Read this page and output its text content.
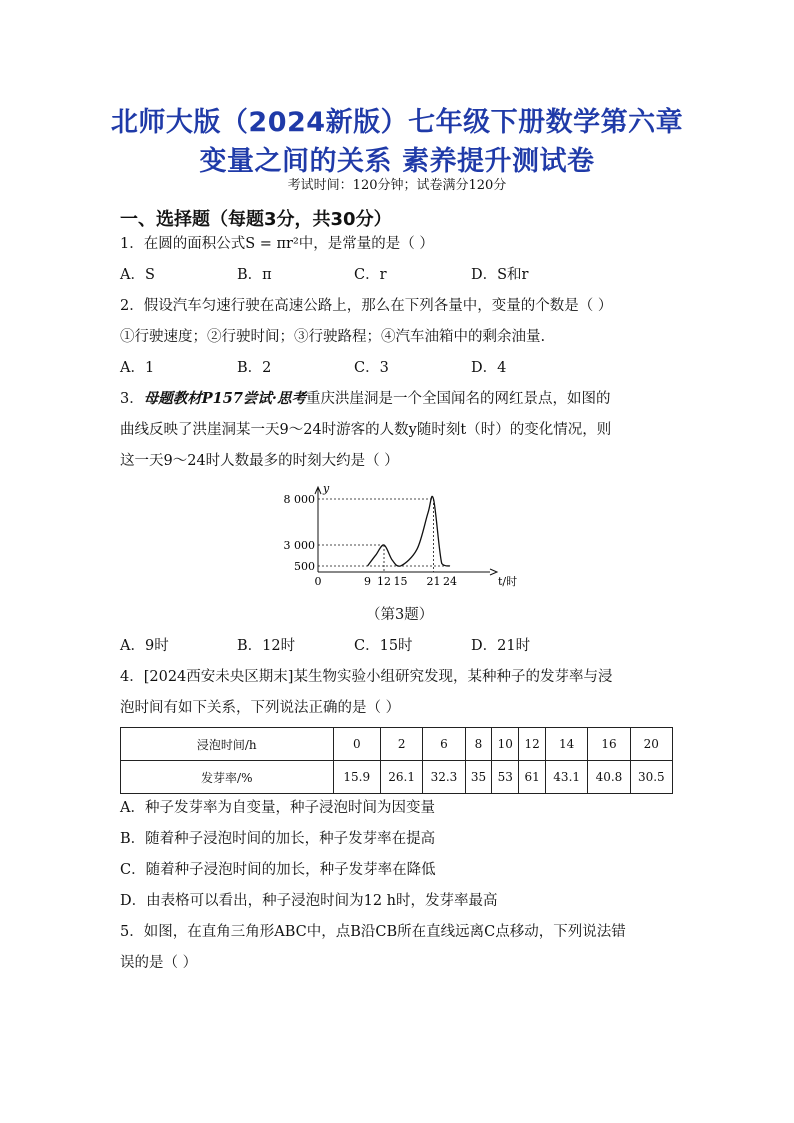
北师大版（2024新版）七年级下册数学第六章
变量之间的关系 素养提升测试卷
考试时间：120分钟；试卷满分120分
一、选择题（每题3分，共30分）
1．在圆的面积公式S = πr²中，是常量的是（ ）
A．S	B．π	C．r	D．S和r
2．假设汽车匀速行驶在高速公路上，那么在下列各量中，变量的个数是（ ）
①行驶速度；②行驶时间；③行驶路程；④汽车油箱中的剩余油量.
A．1	B．2	C．3	D．4
3．母题教材P157尝试·思考重庆洪崖洞是一个全国闻名的网红景点，如图的
曲线反映了洪崖洞某一天9～24时游客的人数y随时刻t（时）的变化情况，则
这一天9～24时人数最多的时刻大约是（ ）
y
t/时
500
3 000
8 000
0	9 12 15 21 24
（第3题）
A．9时	B．12时	C．15时	D．21时
4．[2024西安未央区期末]某生物实验小组研究发现，某种种子的发芽率与浸
泡时间有如下关系，下列说法正确的是（ ）
浸泡时间/h	0	2	6	8	10	12	14	16	20
发芽率/%	15.9	26.1	32.3	35	53	61	43.1	40.8	30.5
A．种子发芽率为自变量，种子浸泡时间为因变量
B．随着种子浸泡时间的加长，种子发芽率在提高
C．随着种子浸泡时间的加长，种子发芽率在降低
D．由表格可以看出，种子浸泡时间为12 h时，发芽率最高
5．如图，在直角三角形ABC中，点B沿CB所在直线远离C点移动，下列说法错
误的是（ ）
